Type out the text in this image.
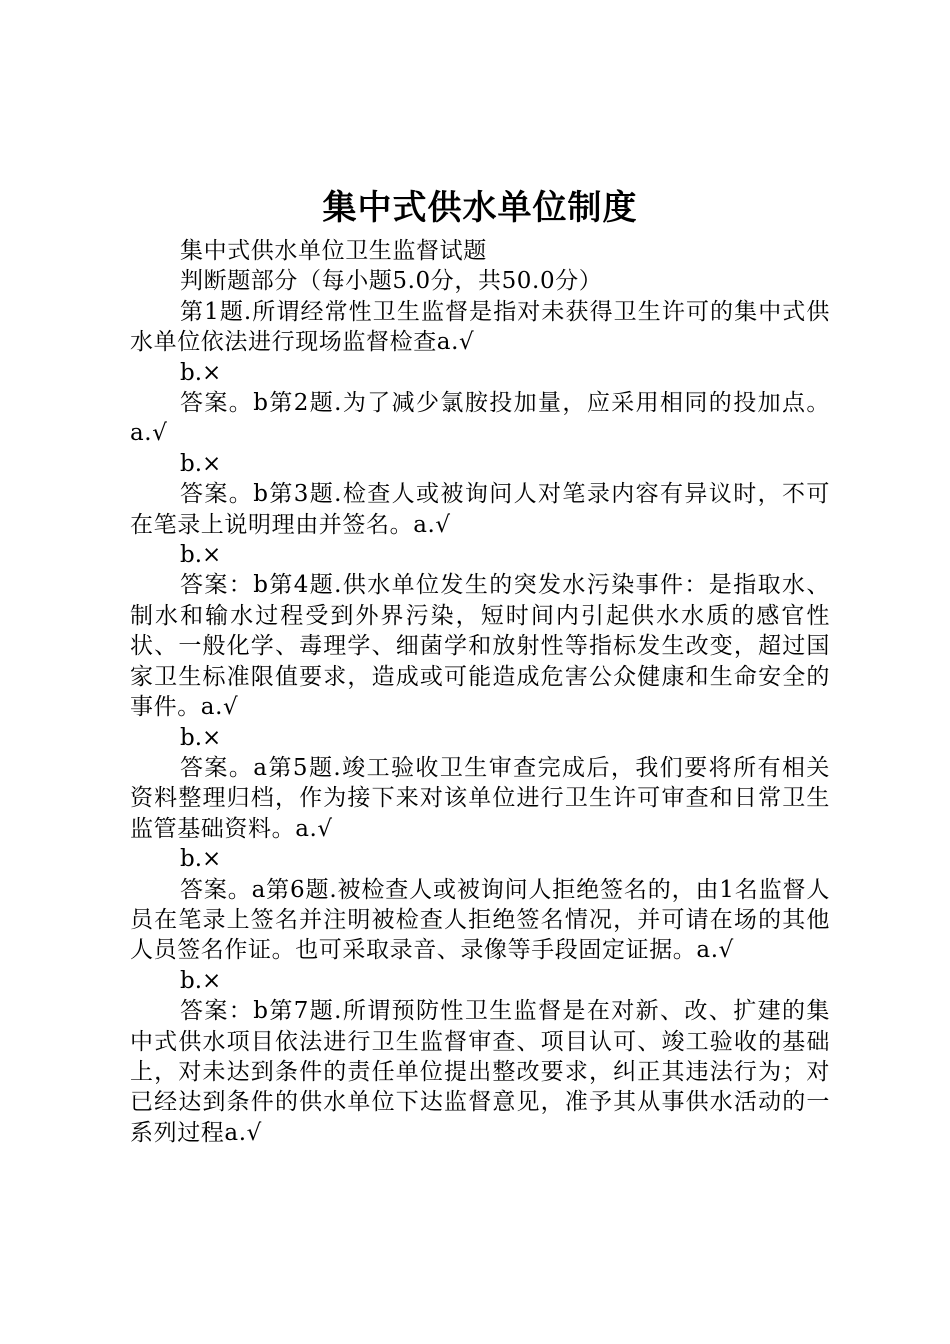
集中式供水单位制度

集中式供水单位卫生监督试题

判断题部分（每小题5.0分，共50.0分）

第1题.所谓经常性卫生监督是指对未获得卫生许可的集中式供水单位依法进行现场监督检查a.√

b.×

答案。b第2题.为了减少氯胺投加量，应采用相同的投加点。a.√

b.×

答案。b第3题.检查人或被询问人对笔录内容有异议时，不可在笔录上说明理由并签名。a.√

b.×

答案：b第4题.供水单位发生的突发水污染事件：是指取水、制水和输水过程受到外界污染，短时间内引起供水水质的感官性状、一般化学、毒理学、细菌学和放射性等指标发生改变，超过国家卫生标准限值要求，造成或可能造成危害公众健康和生命安全的事件。a.√

b.×

答案。a第5题.竣工验收卫生审查完成后，我们要将所有相关资料整理归档，作为接下来对该单位进行卫生许可审查和日常卫生监管基础资料。a.√

b.×

答案。a第6题.被检查人或被询问人拒绝签名的，由1名监督人员在笔录上签名并注明被检查人拒绝签名情况，并可请在场的其他人员签名作证。也可采取录音、录像等手段固定证据。a.√

b.×

答案：b第7题.所谓预防性卫生监督是在对新、改、扩建的集中式供水项目依法进行卫生监督审查、项目认可、竣工验收的基础上，对未达到条件的责任单位提出整改要求，纠正其违法行为；对已经达到条件的供水单位下达监督意见，准予其从事供水活动的一系列过程a.√
